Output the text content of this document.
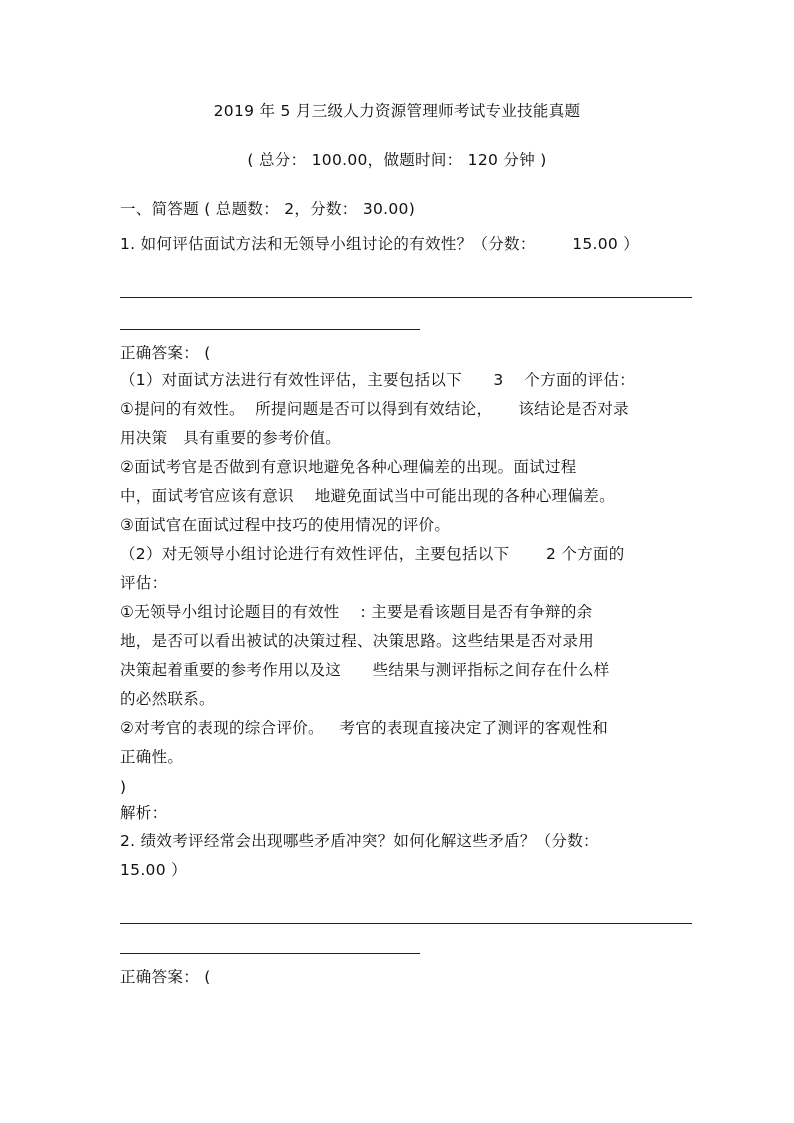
2019 年 5 月三级人力资源管理师考试专业技能真题
( 总分： 100.00，做题时间： 120 分钟 )
一、简答题 ( 总题数： 2，分数： 30.00)
1. 如何评估面试方法和无领导小组讨论的有效性？（分数：       15.00 ）
正确答案： (
（1）对面试方法进行有效性评估，主要包括以下      3    个方面的评估：
①提问的有效性。  所提问题是否可以得到有效结论，     该结论是否对录
用决策   具有重要的参考价值。
②面试考官是否做到有意识地避免各种心理偏差的出现。面试过程
中，面试考官应该有意识    地避免面试当中可能出现的各种心理偏差。
③面试官在面试过程中技巧的使用情况的评价。
（2）对无领导小组讨论进行有效性评估，主要包括以下       2 个方面的
评估：
①无领导小组讨论题目的有效性    : 主要是看该题目是否有争辩的余
地，是否可以看出被试的决策过程、决策思路。这些结果是否对录用
决策起着重要的参考作用以及这      些结果与测评指标之间存在什么样
的必然联系。
②对考官的表现的综合评价。   考官的表现直接决定了测评的客观性和
正确性。
)
解析：
2. 绩效考评经常会出现哪些矛盾冲突？如何化解这些矛盾？（分数：
15.00 ）
正确答案： (
